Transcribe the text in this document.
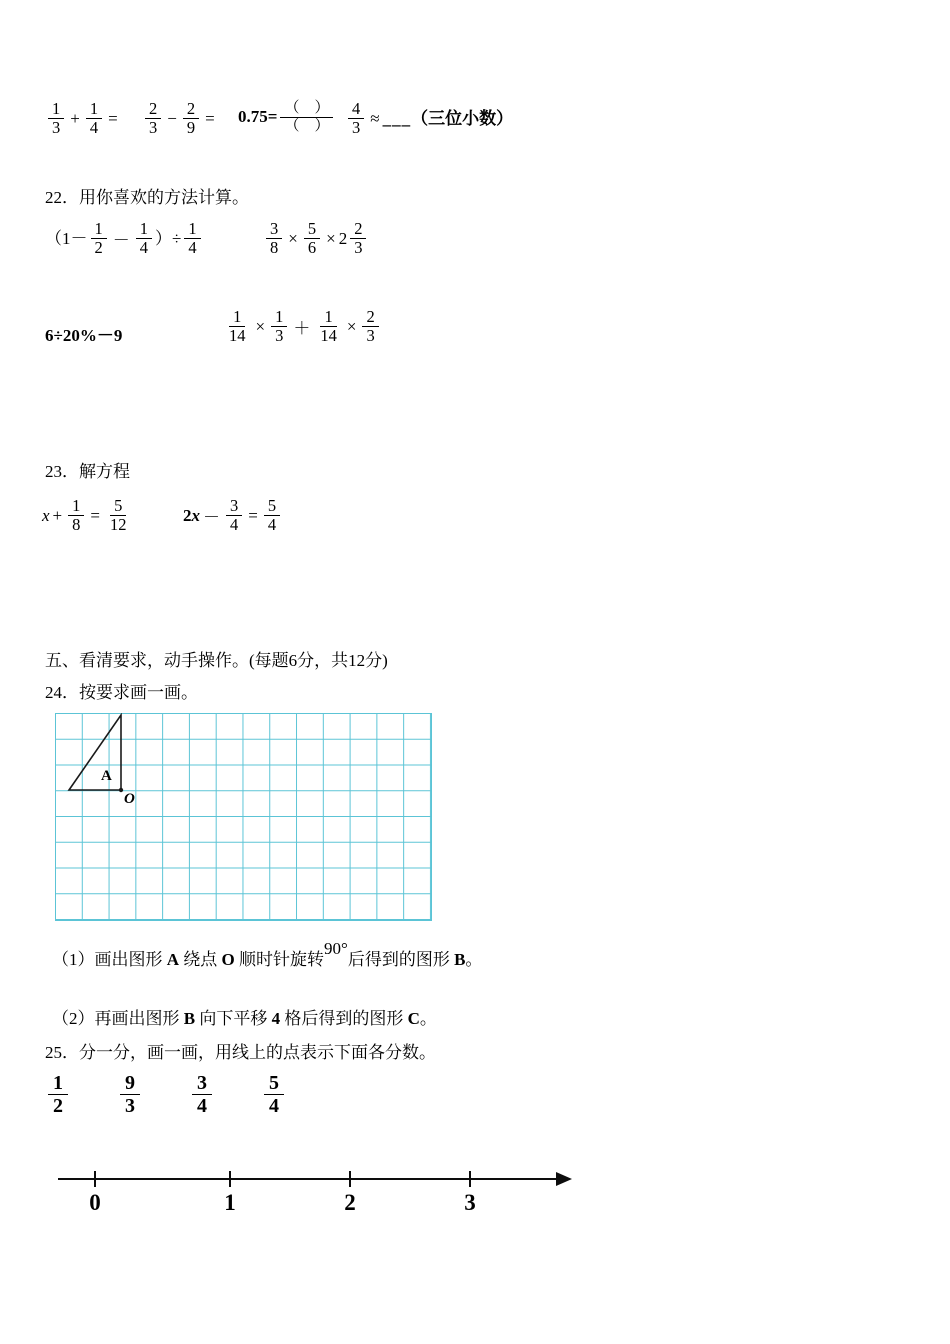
$\frac{1}{3} + \frac{1}{4} = \frac{2}{3} - \frac{2}{9} = 0.75= \frac{( )}{( )} \frac{4}{3}$ ≈ ___ （三位小数）
22．用你喜欢的方法计算。
（$1- \frac{1}{2} - \frac{1}{4}$ ）÷ $\frac{1}{4}$	$\frac{3}{8} \times \frac{5}{6} \times 2 \frac{2}{3}$
6÷20%－9	$\frac{1}{14} \times \frac{1}{3} + \frac{1}{14} \times \frac{2}{3}$
23．解方程
$x + \frac{1}{8} = \frac{5}{12}$	2 $x - \frac{3}{4} = \frac{5}{4}$
五、看清要求，动手操作。(每题6分，共12分)
24．按要求画一画。
A
O
（1）画出图形 A 绕点 O 顺时针旋转90°后得到的图形 B。
（2）再画出图形 B 向下平移 4 格后得到的图形 C。
25．分一分，画一画，用线上的点表示下面各分数。
$\frac{1}{2}$	$\frac{9}{3}$	$\frac{3}{4}$	$\frac{5}{4}$
0	1	2	3
